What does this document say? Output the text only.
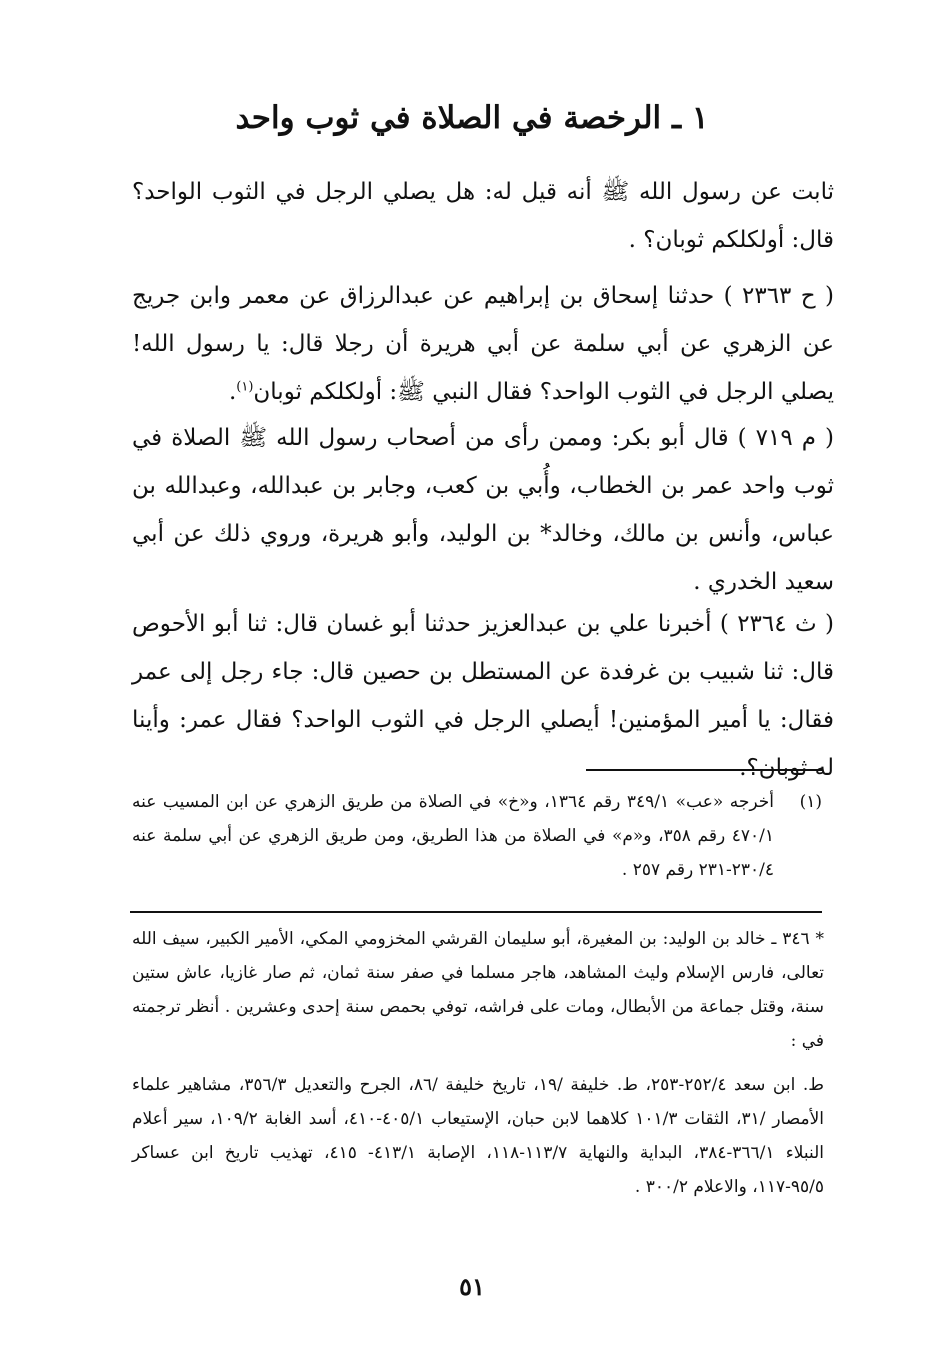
١ ـ الرخصة في الصلاة في ثوب واحد

ثابت عن رسول الله ﷺ أنه قيل له: هل يصلي الرجل في الثوب الواحد؟ قال: أولكلكم ثوبان؟ .

( ح ٢٣٦٣ ) حدثنا إسحاق بن إبراهيم عن عبدالرزاق عن معمر وابن جريج عن الزهري عن أبي سلمة عن أبي هريرة أن رجلا قال: يا رسول الله! يصلي الرجل في الثوب الواحد؟ فقال النبي ﷺ: أولكلكم ثوبان$^{(١)}$.

( م ٧١٩ ) قال أبو بكر: وممن رأى من أصحاب رسول الله ﷺ الصلاة في ثوب واحد عمر بن الخطاب، وأُبي بن كعب، وجابر بن عبدالله، وعبدالله بن عباس، وأنس بن مالك، وخالد* بن الوليد، وأبو هريرة، وروي ذلك عن أبي سعيد الخدري .

( ث ٢٣٦٤ ) أخبرنا علي بن عبدالعزيز حدثنا أبو غسان قال: ثنا أبو الأحوص قال: ثنا شبيب بن غرفدة عن المستطل بن حصين قال: جاء رجل إلى عمر فقال: يا أمير المؤمنين! أيصلي الرجل في الثوب الواحد؟ فقال عمر: وأينا له ثوبان؟.

(١)

أخرجه «عب» ٣٤٩/١ رقم ١٣٦٤، و«خ» في الصلاة من طريق الزهري عن ابن المسيب عنه ٤٧٠/١ رقم ٣٥٨، و«م» في الصلاة من هذا الطريق، ومن طريق الزهري عن أبي سلمة عنه ٢٣٠/٤-٢٣١ رقم ٢٥٧ .

* ٣٤٦ ـ خالد بن الوليد: بن المغيرة، أبو سليمان القرشي المخزومي المكي، الأمير الكبير، سيف الله تعالى، فارس الإسلام وليث المشاهد، هاجر مسلما في صفر سنة ثمان، ثم صار غازيا، عاش ستين سنة، وقتل جماعة من الأبطال، ومات على فراشه، توفي بحمص سنة إحدى وعشرين . أنظر ترجمته في :

ط. ابن سعد ٢٥٢/٤-٢٥٣، ط. خليفة /١٩، تاريخ خليفة /٨٦، الجرح والتعديل ٣٥٦/٣، مشاهير علماء الأمصار /٣١، الثقات ١٠١/٣ كلاهما لابن حبان، الإستيعاب ٤٠٥/١-٤١٠، أسد الغابة ١٠٩/٢، سير أعلام النبلاء ٣٦٦/١-٣٨٤، البداية والنهاية ١١٣/٧-١١٨، الإصابة ٤١٣/١- ٤١٥، تهذيب تاريخ ابن عساكر ٩٥/٥-١١٧، والاعلام ٣٠٠/٢ .

٥١
